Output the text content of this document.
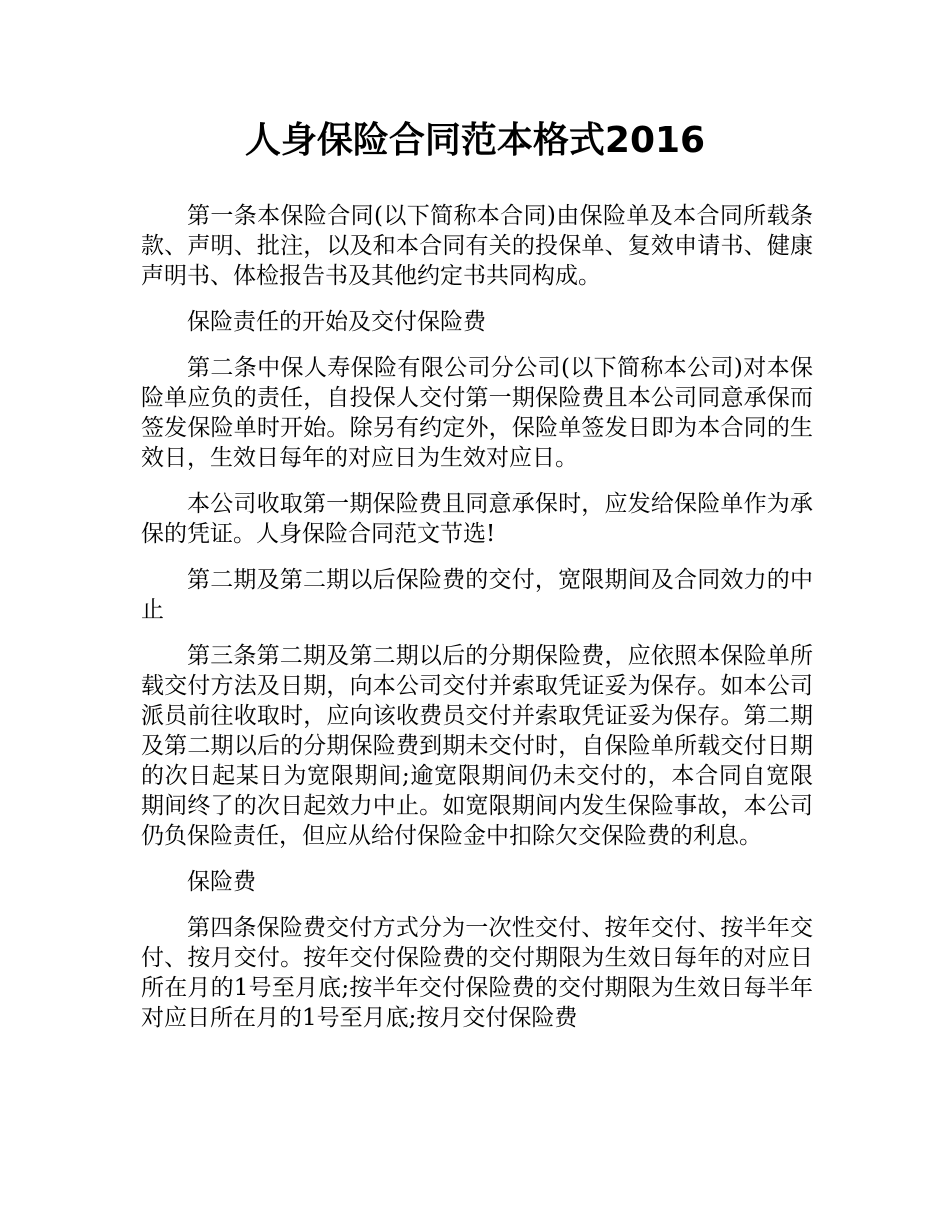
人身保险合同范本格式2016

第一条本保险合同(以下简称本合同)由保险单及本合同所载条款、声明、批注，以及和本合同有关的投保单、复效申请书、健康声明书、体检报告书及其他约定书共同构成。

保险责任的开始及交付保险费

第二条中保人寿保险有限公司分公司(以下简称本公司)对本保险单应负的责任，自投保人交付第一期保险费且本公司同意承保而签发保险单时开始。除另有约定外，保险单签发日即为本合同的生效日，生效日每年的对应日为生效对应日。

本公司收取第一期保险费且同意承保时，应发给保险单作为承保的凭证。人身保险合同范文节选!

第二期及第二期以后保险费的交付，宽限期间及合同效力的中止

第三条第二期及第二期以后的分期保险费，应依照本保险单所载交付方法及日期，向本公司交付并索取凭证妥为保存。如本公司派员前往收取时，应向该收费员交付并索取凭证妥为保存。第二期及第二期以后的分期保险费到期未交付时，自保险单所载交付日期的次日起某日为宽限期间;逾宽限期间仍未交付的，本合同自宽限期间终了的次日起效力中止。如宽限期间内发生保险事故，本公司仍负保险责任，但应从给付保险金中扣除欠交保险费的利息。

保险费

第四条保险费交付方式分为一次性交付、按年交付、按半年交付、按月交付。按年交付保险费的交付期限为生效日每年的对应日所在月的1号至月底;按半年交付保险费的交付期限为生效日每半年对应日所在月的1号至月底;按月交付保险费
